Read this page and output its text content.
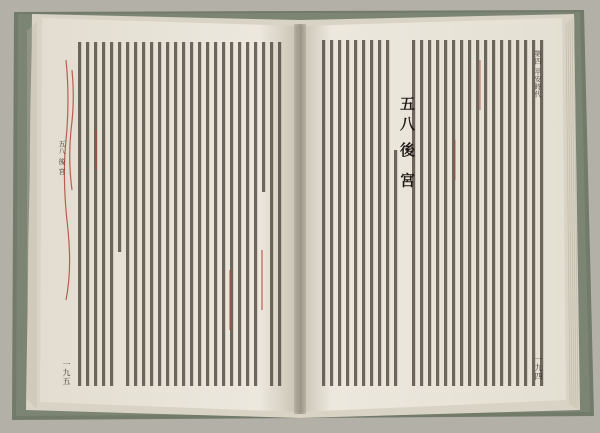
五八 後 宮
一九五
第四 平安時代
一九四
五八
後 宮
